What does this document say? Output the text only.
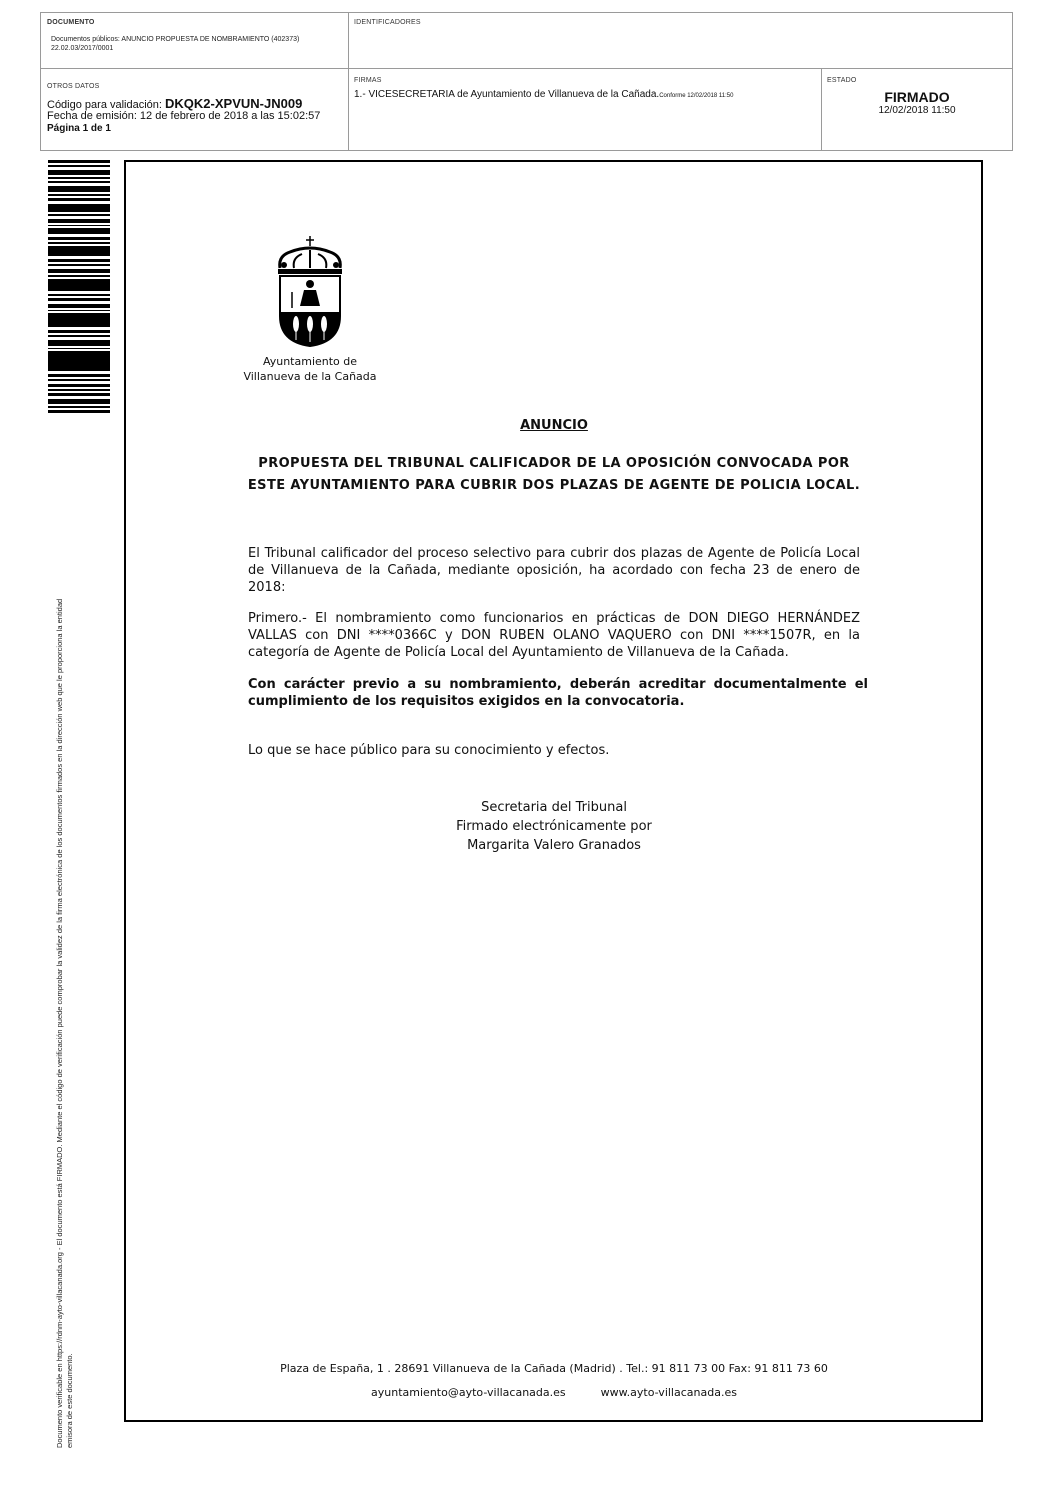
DOCUMENTO
Documentos públicos: ANUNCIO PROPUESTA DE NOMBRAMIENTO (402373)
22.02.03/2017/0001
IDENTIFICADORES
OTROS DATOS
Código para validación: DKQK2-XPVUN-JN009
Fecha de emisión: 12 de febrero de 2018 a las 15:02:57
Página 1 de 1
FIRMAS
1.- VICESECRETARIA de Ayuntamiento de Villanueva de la Cañada.Conforme 12/02/2018 11:50
ESTADO
FIRMADO
12/02/2018 11:50
Documento verificable en https://rdnm-ayto-villacanada.org - El documento está FIRMADO. Mediante el código de verificación puede comprobar la validez de la firma electrónica de los documentos firmados en la dirección web que le proporciona la entidad emisora de este documento.
Ayuntamiento de
Villanueva de la Cañada
ANUNCIO
PROPUESTA DEL TRIBUNAL CALIFICADOR DE LA OPOSICIÓN CONVOCADA POR
ESTE AYUNTAMIENTO PARA CUBRIR DOS PLAZAS DE AGENTE DE POLICIA LOCAL.
El Tribunal calificador del proceso selectivo para cubrir dos plazas de Agente de Policía Local de Villanueva de la Cañada, mediante oposición, ha acordado con fecha 23 de enero de 2018:
Primero.- El nombramiento como funcionarios en prácticas de DON DIEGO HERNÁNDEZ VALLAS con DNI ****0366C y DON RUBEN OLANO VAQUERO con DNI ****1507R, en la categoría de Agente de Policía Local del Ayuntamiento de Villanueva de la Cañada.
Con carácter previo a su nombramiento, deberán acreditar documentalmente el cumplimiento de los requisitos exigidos en la convocatoria.
Lo que se hace público para su conocimiento y efectos.
Secretaria del Tribunal
Firmado electrónicamente por
Margarita Valero Granados
Plaza de España, 1 . 28691 Villanueva de la Cañada (Madrid) . Tel.: 91 811 73 00 Fax: 91 811 73 60
ayuntamiento@ayto-villacanada.es	www.ayto-villacanada.es
